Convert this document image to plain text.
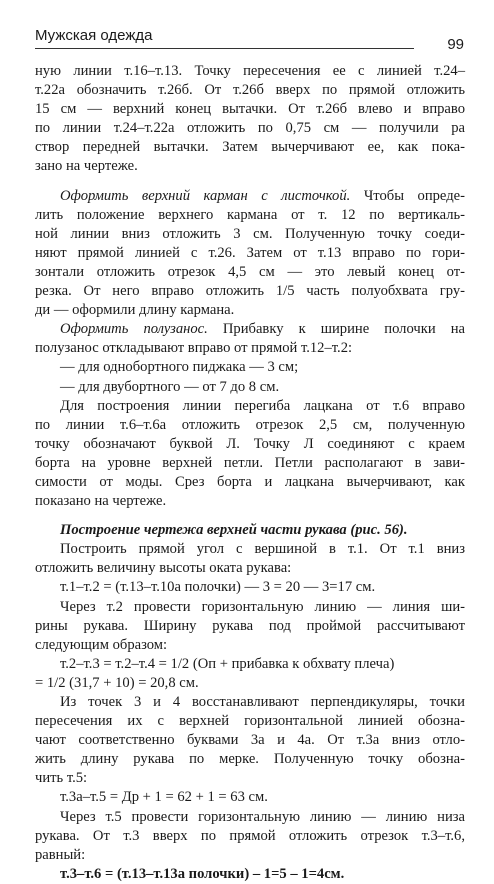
Мужская одежда
99

ную линии т.16–т.13. Точку пересечения ее с линией т.24–
т.22а обозначить т.26б. От т.26б вверх по прямой отложить
15 см — верхний конец вытачки. От т.26б влево и вправо
по линии т.24–т.22а отложить по 0,75 см — получили ра
створ передней вытачки. Затем вычерчивают ее, как пока-
зано на чертеже.

Оформить верхний карман с листочкой. Чтобы опреде-
лить положение верхнего кармана от т. 12 по вертикаль-
ной линии вниз отложить 3 см. Полученную точку соеди-
няют прямой линией с т.26. Затем от т.13 вправо по гори-
зонтали отложить отрезок 4,5 см — это левый конец от-
резка. От него вправо отложить 1/5 часть полуобхвата гру-
ди — оформили длину кармана.

Оформить полузанос. Прибавку к ширине полочки на
полузанос откладывают вправо от прямой т.12–т.2:
— для однобортного пиджака — 3 см;
— для двубортного — от 7 до 8 см.

Для построения линии перегиба лацкана от т.6 вправо
по линии т.6–т.6а отложить отрезок 2,5 см, полученную
точку обозначают буквой Л. Точку Л соединяют с краем
борта на уровне верхней петли. Петли располагают в зави-
симости от моды. Срез борта и лацкана вычерчивают, как
показано на чертеже.

Построение чертежа верхней части рукава (рис. 56).
Построить прямой угол с вершиной в т.1. От т.1 вниз
отложить величину высоты оката рукава:
т.1–т.2 = (т.13–т.10а полочки) — 3 = 20 — 3=17 см.
Через т.2 провести горизонтальную линию — линия ши-
рины рукава. Ширину рукава под проймой рассчитывают
следующим образом:
т.2–т.3 = т.2–т.4 = 1/2 (Оп + прибавка к обхвату плеча)
= 1/2 (31,7 + 10) = 20,8 см.
Из точек 3 и 4 восстанавливают перпендикуляры, точки
пересечения их с верхней горизонтальной линией обозна-
чают соответственно буквами 3а и 4а. От т.3а вниз отло-
жить длину рукава по мерке. Полученную точку обозна-
чить т.5:
т.3а–т.5 = Др + 1 = 62 + 1 = 63 см.
Через т.5 провести горизонтальную линию — линию низа
рукава. От т.3 вверх по прямой отложить отрезок т.3–т.6,
равный:
т.3–т.6 = (т.13–т.13а полочки) – 1=5 – 1=4см.
